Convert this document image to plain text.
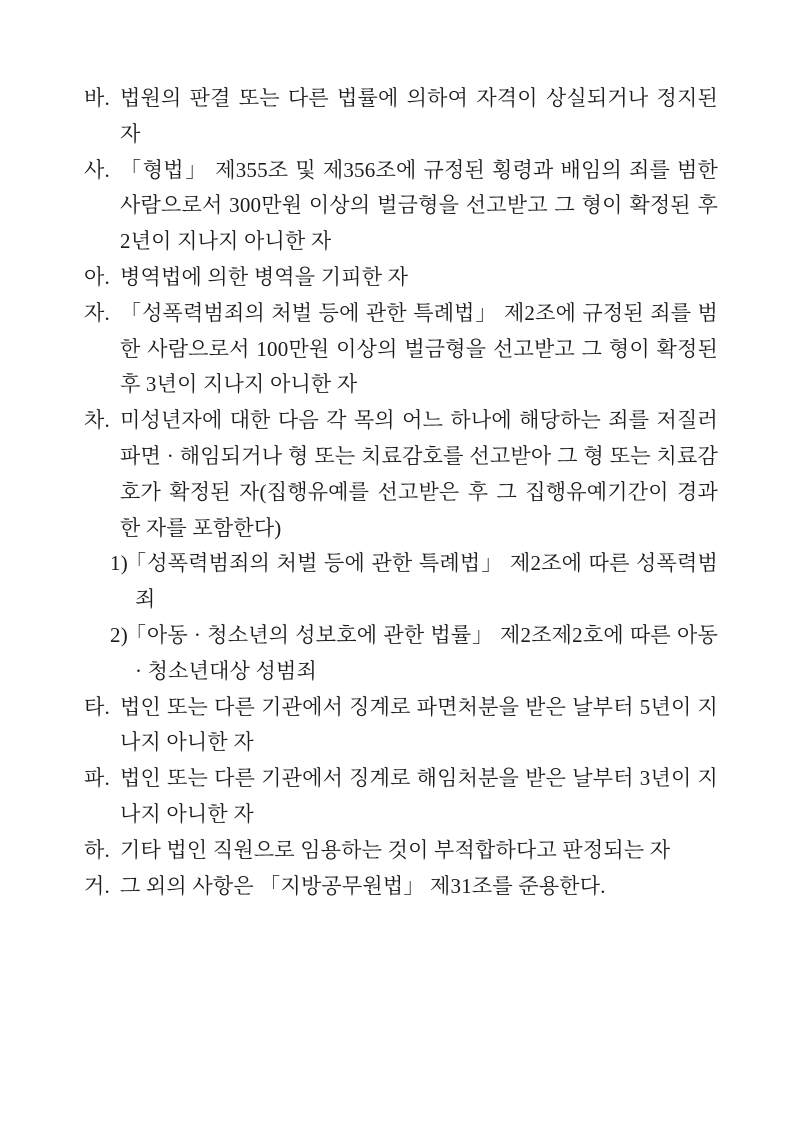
바. 법원의 판결 또는 다른 법률에 의하여 자격이 상실되거나 정지된 자
사. 「형법」 제355조 및 제356조에 규정된 횡령과 배임의 죄를 범한 사람으로서 300만원 이상의 벌금형을 선고받고 그 형이 확정된 후 2년이 지나지 아니한 자
아. 병역법에 의한 병역을 기피한 자
자. 「성폭력범죄의 처벌 등에 관한 특례법」 제2조에 규정된 죄를 범한 사람으로서 100만원 이상의 벌금형을 선고받고 그 형이 확정된 후 3년이 지나지 아니한 자
차. 미성년자에 대한 다음 각 목의 어느 하나에 해당하는 죄를 저질러 파면 · 해임되거나 형 또는 치료감호를 선고받아 그 형 또는 치료감호가 확정된 자(집행유예를 선고받은 후 그 집행유예기간이 경과한 자를 포함한다)
1)
「성폭력범죄의 처벌 등에 관한 특례법」 제2조에 따른 성폭력범죄
2)
「아동 · 청소년의 성보호에 관한 법률」 제2조제2호에 따른 아동 · 청소년대상 성범죄
타. 법인 또는 다른 기관에서 징계로 파면처분을 받은 날부터 5년이 지나지 아니한 자
파. 법인 또는 다른 기관에서 징계로 해임처분을 받은 날부터 3년이 지나지 아니한 자
하. 기타 법인 직원으로 임용하는 것이 부적합하다고 판정되는 자
거. 그 외의 사항은 「지방공무원법」 제31조를 준용한다.
